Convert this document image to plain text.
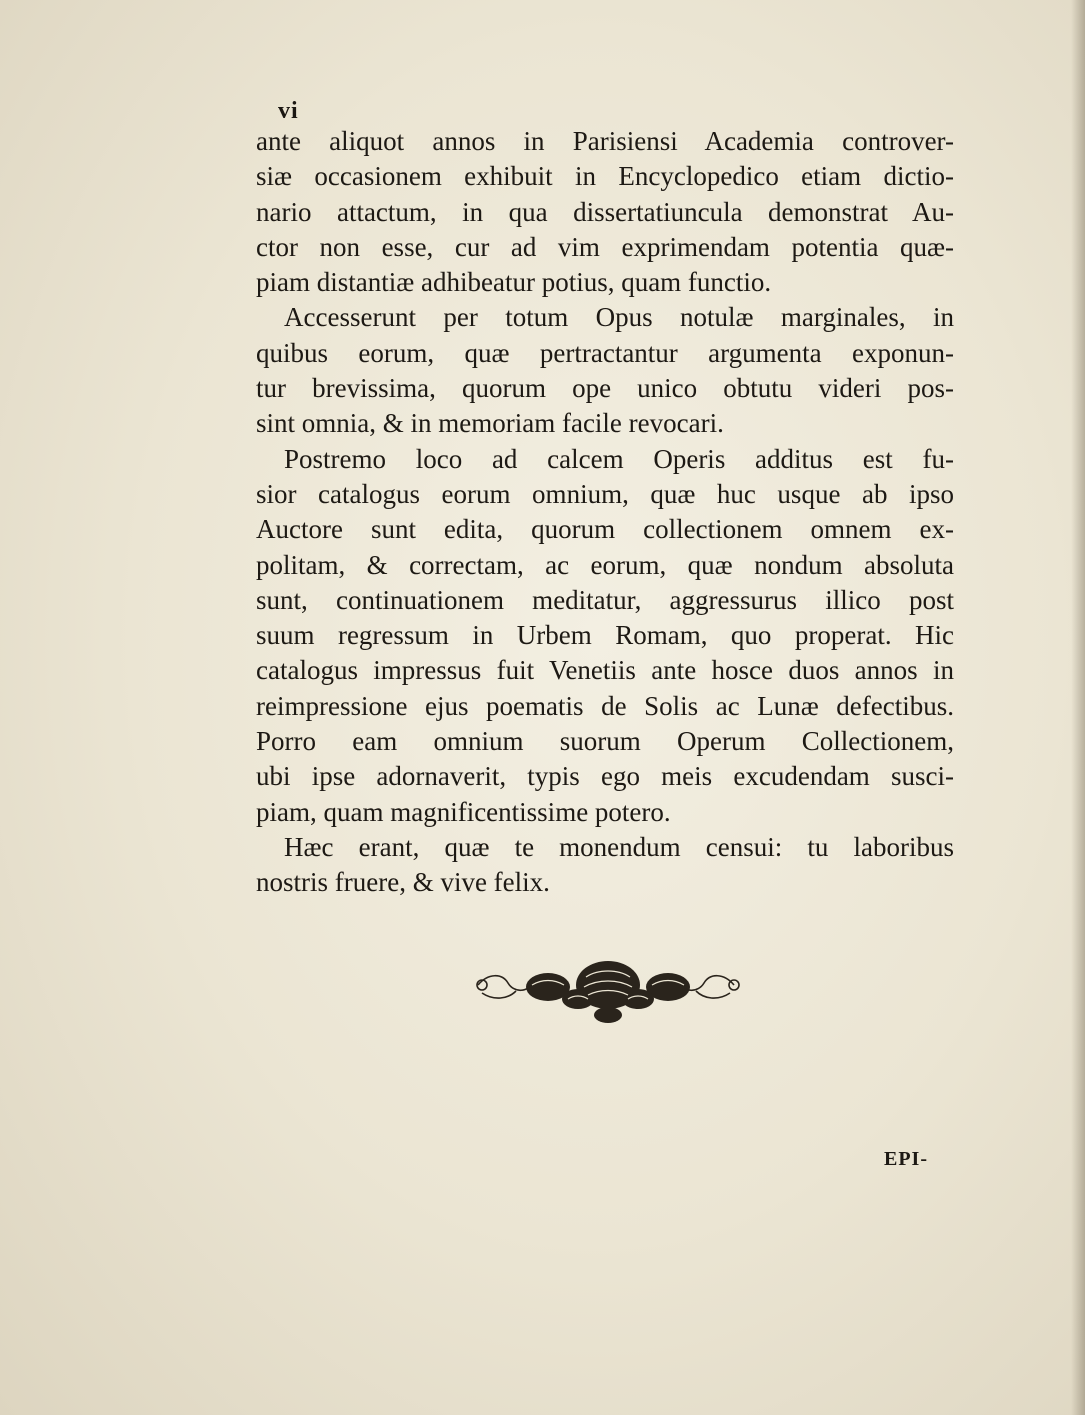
vi
ante aliquot annos in Parisiensi Academia controver-
siæ occasionem exhibuit in Encyclopedico etiam dictio-
nario attactum, in qua dissertatiuncula demonstrat Au-
ctor non esse, cur ad vim exprimendam potentia quæ-
piam distantiæ adhibeatur potius, quam functio.
Accesserunt per totum Opus notulæ marginales, in
quibus eorum, quæ pertractantur argumenta exponun-
tur brevissima, quorum ope unico obtutu videri pos-
sint omnia, & in memoriam facile revocari.
Postremo loco ad calcem Operis additus est fu-
sior catalogus eorum omnium, quæ huc usque ab ipso
Auctore sunt edita, quorum collectionem omnem ex-
politam, & correctam, ac eorum, quæ nondum absoluta
sunt, continuationem meditatur, aggressurus illico post
suum regressum in Urbem Romam, quo properat. Hic
catalogus impressus fuit Venetiis ante hosce duos annos in
reimpressione ejus poematis de Solis ac Lunæ defectibus.
Porro eam omnium suorum Operum Collectionem,
ubi ipse adornaverit, typis ego meis excudendam susci-
piam, quam magnificentissime potero.
Hæc erant, quæ te monendum censui: tu laboribus
nostris fruere, & vive felix.
EPI-
